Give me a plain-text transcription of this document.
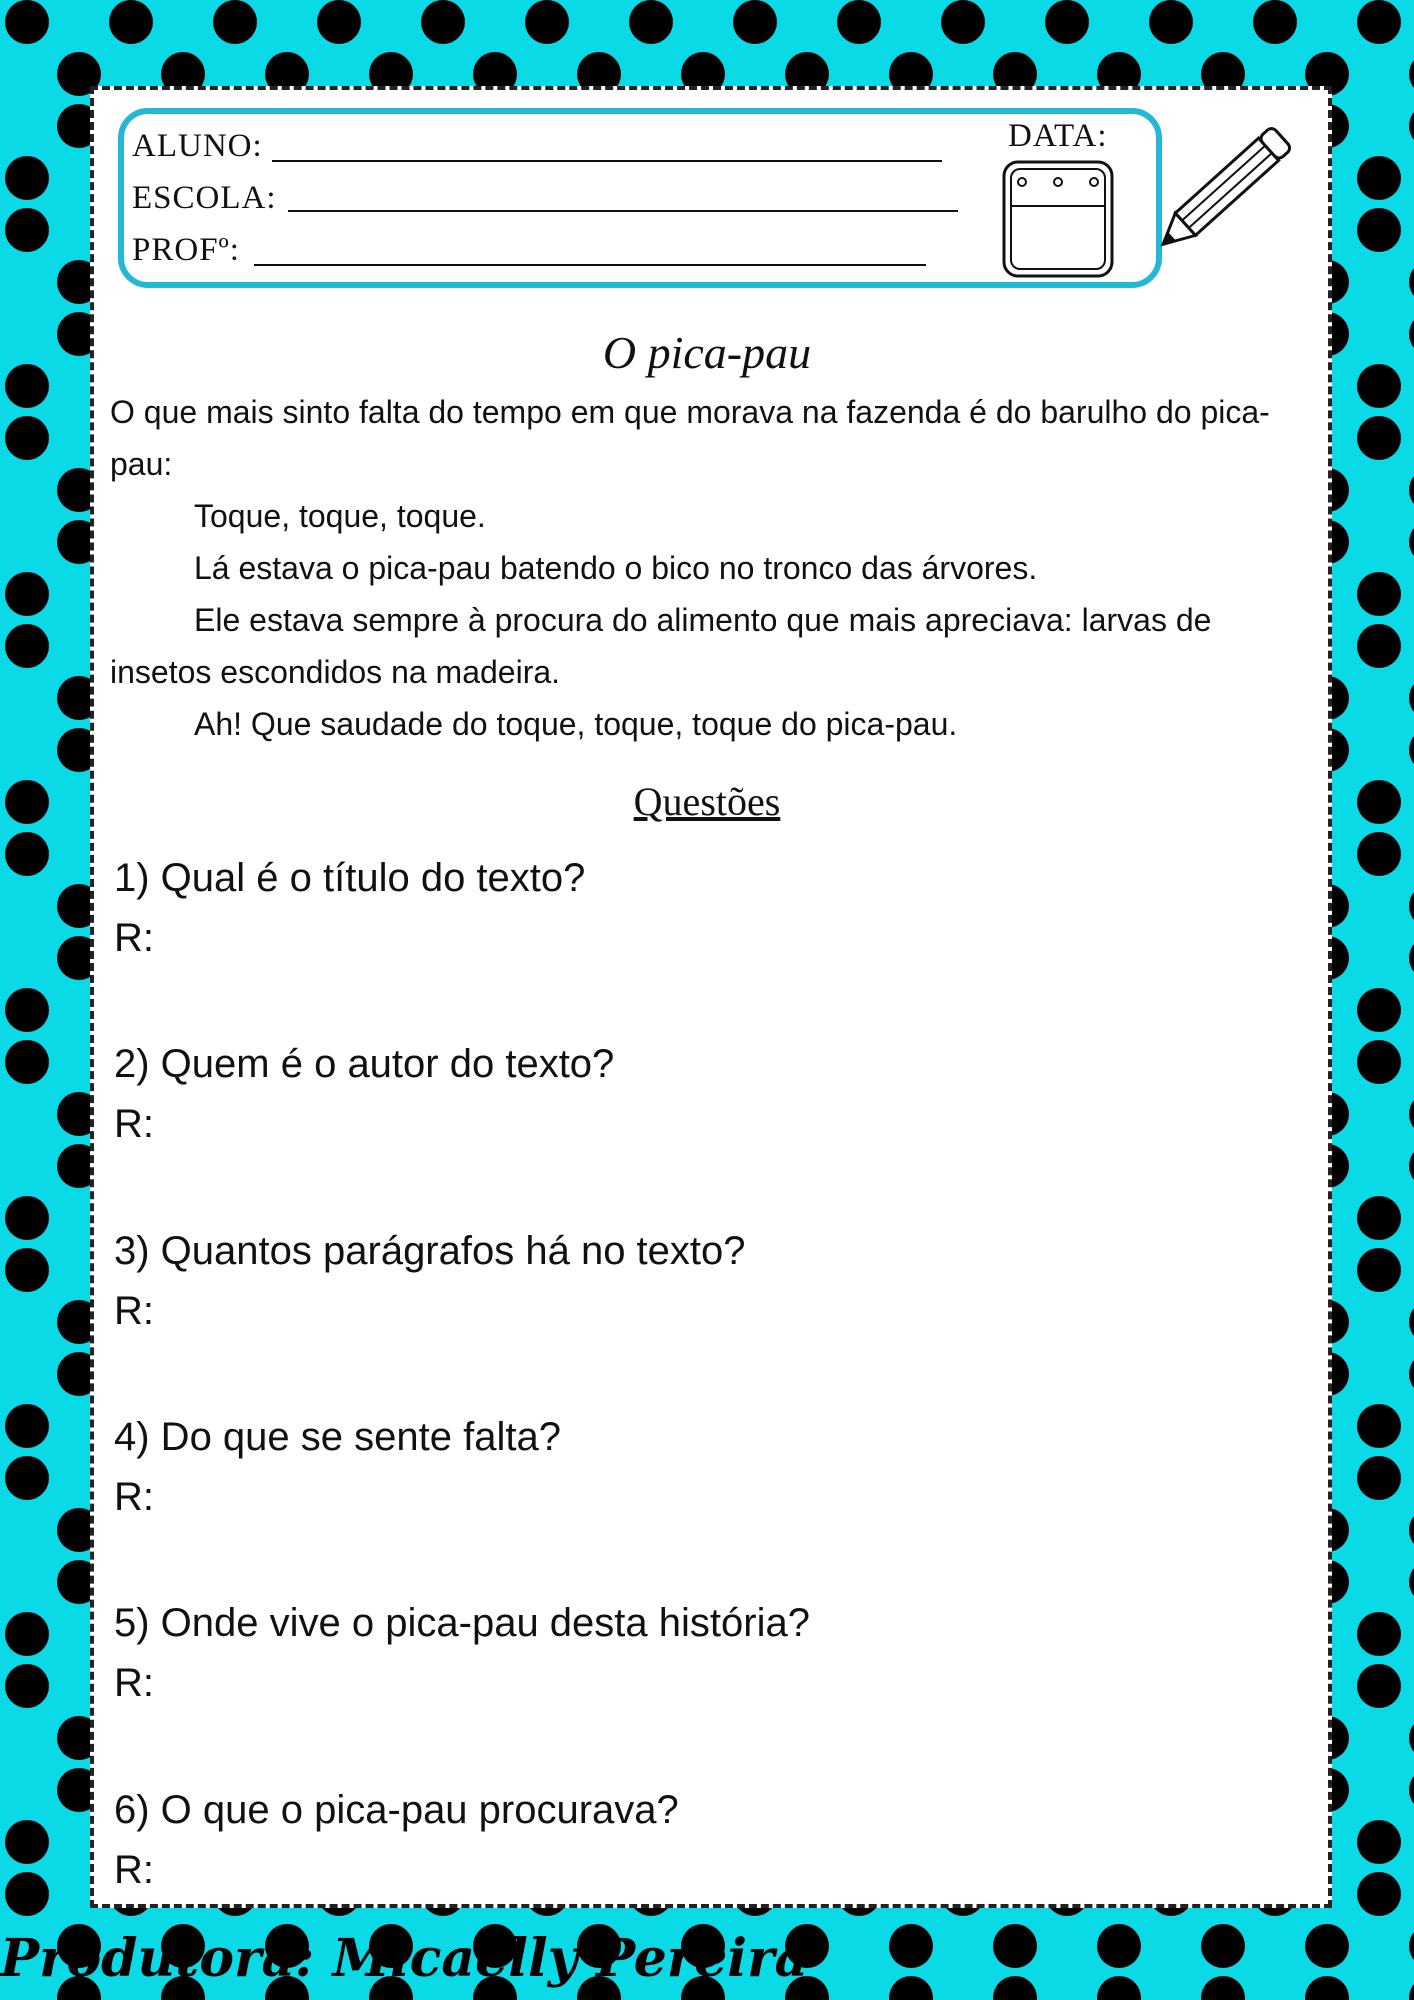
ALUNO:
ESCOLA:
PROFº:
DATA:
O pica-pau

O que mais sinto falta do tempo em que morava na fazenda é do barulho do pica-pau:

Toque, toque, toque.

Lá estava o pica-pau batendo o bico no tronco das árvores.

Ele estava sempre à procura do alimento que mais apreciava: larvas de insetos escondidos na madeira.

Ah! Que saudade do toque, toque, toque do pica-pau.

Questões
1) Qual é o título do texto?
R:
2) Quem é o autor do texto?
R:
3) Quantos parágrafos há no texto?
R:
4) Do que se sente falta?
R:
5) Onde vive o pica-pau desta história?
R:
6) O que o pica-pau procurava?
R:
Produtora: Micaelly Pereira
